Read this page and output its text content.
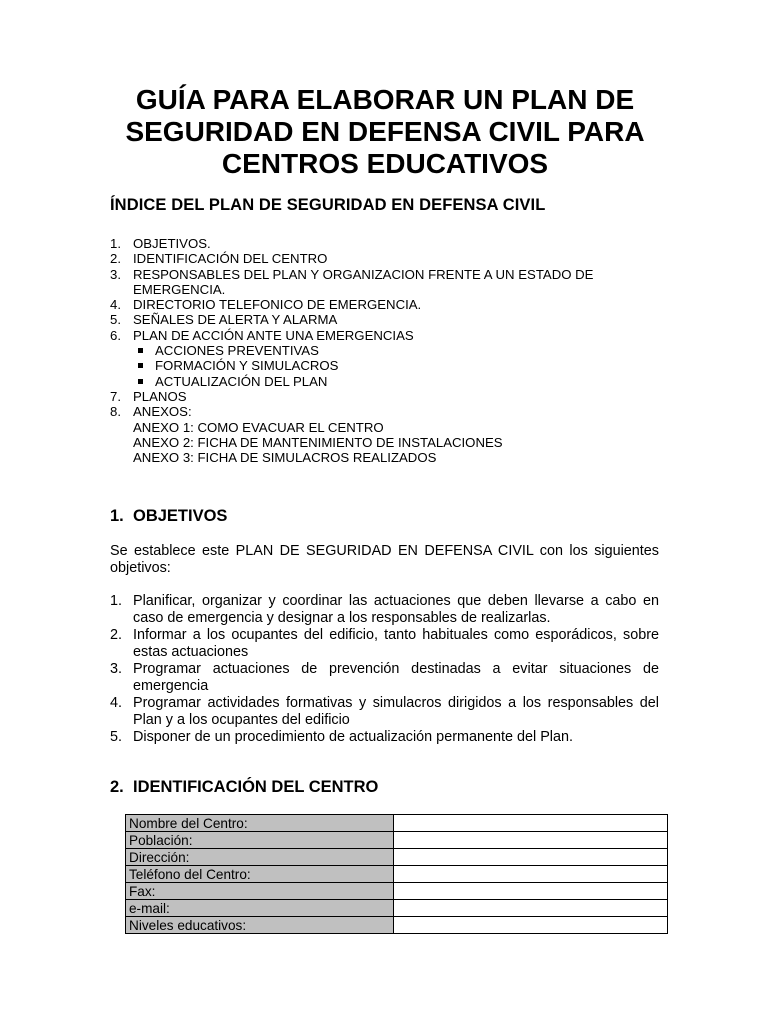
GUÍA PARA ELABORAR UN PLAN DE
SEGURIDAD EN DEFENSA CIVIL PARA
CENTROS EDUCATIVOS
ÍNDICE DEL PLAN DE SEGURIDAD EN DEFENSA CIVIL
1. OBJETIVOS.
2. IDENTIFICACIÓN DEL CENTRO
3. RESPONSABLES DEL PLAN Y ORGANIZACION FRENTE A UN ESTADO DE EMERGENCIA.
4. DIRECTORIO TELEFONICO DE EMERGENCIA.
5. SEÑALES DE ALERTA Y ALARMA
6. PLAN DE ACCIÓN ANTE UNA EMERGENCIAS
ACCIONES PREVENTIVAS
FORMACIÓN Y SIMULACROS
ACTUALIZACIÓN DEL PLAN
7. PLANOS
8. ANEXOS:
ANEXO 1: COMO EVACUAR EL CENTRO
ANEXO 2: FICHA DE MANTENIMIENTO DE INSTALACIONES
ANEXO 3: FICHA DE SIMULACROS REALIZADOS
1. OBJETIVOS

Se establece este PLAN DE SEGURIDAD EN DEFENSA CIVIL con los siguientes objetivos:

1. Planificar, organizar y coordinar las actuaciones que deben llevarse a cabo en caso de emergencia y designar a los responsables de realizarlas.
2. Informar a los ocupantes del edificio, tanto habituales como esporádicos, sobre estas actuaciones
3. Programar actuaciones de prevención destinadas a evitar situaciones de emergencia
4. Programar actividades formativas y simulacros dirigidos a los responsables del Plan y a los ocupantes del edificio
5. Disponer de un procedimiento de actualización permanente del Plan.
2. IDENTIFICACIÓN DEL CENTRO
Nombre del Centro:	
Población:	
Dirección:	
Teléfono del Centro:	
Fax:	
e-mail:	
Niveles educativos:	
